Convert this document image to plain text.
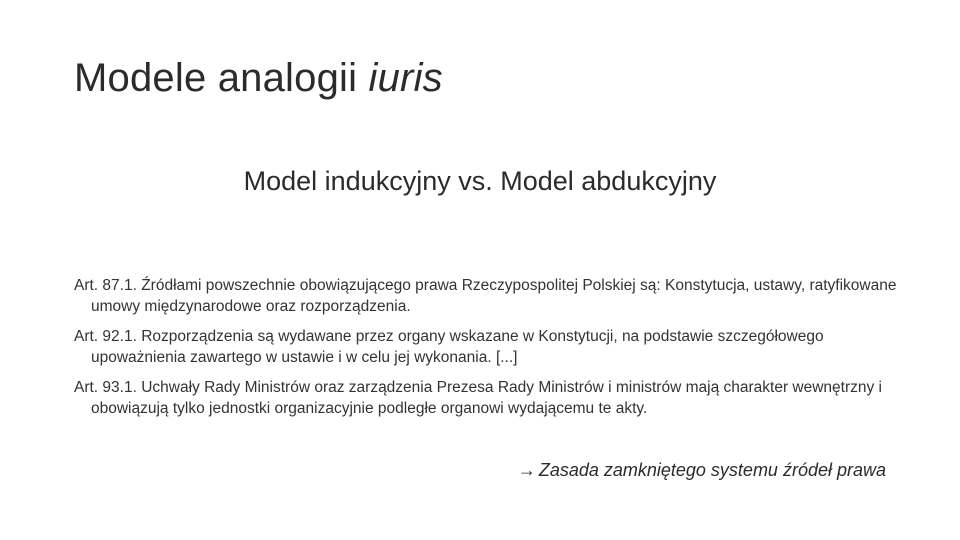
Modele analogii iuris
Model indukcyjny vs. Model abdukcyjny

Art. 87.1. Źródłami powszechnie obowiązującego prawa Rzeczypospolitej Polskiej są: Konstytucja, ustawy, ratyfikowane umowy międzynarodowe oraz rozporządzenia.

Art. 92.1. Rozporządzenia są wydawane przez organy wskazane w Konstytucji, na podstawie szczegółowego upoważnienia zawartego w ustawie i w celu jej wykonania. [...]

Art. 93.1. Uchwały Rady Ministrów oraz zarządzenia Prezesa Rady Ministrów i ministrów mają charakter wewnętrzny i obowiązują tylko jednostki organizacyjnie podległe organowi wydającemu te akty.

→ Zasada zamkniętego systemu źródeł prawa
